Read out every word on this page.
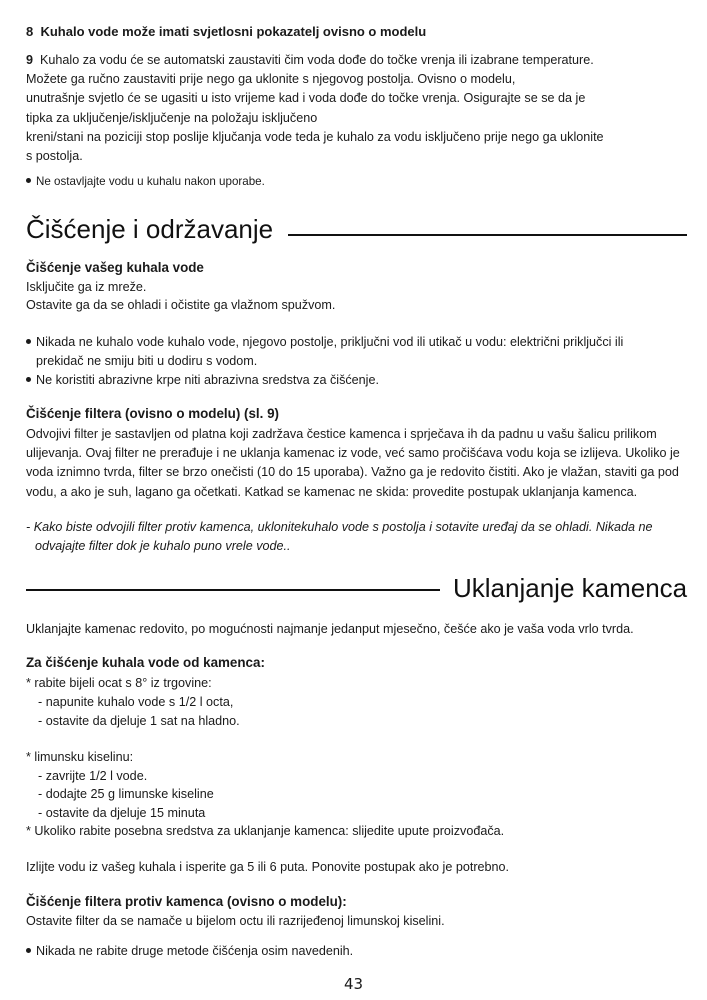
8 Kuhalo vode može imati svjetlosni pokazatelj ovisno o modelu
9 Kuhalo za vodu će se automatski zaustaviti čim voda dođe do točke vrenja ili izabrane temperature.
Možete ga ručno zaustaviti prije nego ga uklonite s njegovog postolja. Ovisno o modelu,
unutrašnje svjetlo će se ugasiti u isto vrijeme kad i voda dođe do točke vrenja. Osigurajte se se da je
tipka za uključenje/isključenje na položaju isključeno
kreni/stani na poziciji stop poslije ključanja vode teda je kuhalo za vodu isključeno prije nego ga uklonite
s postolja.
Ne ostavljajte vodu u kuhalu nakon uporabe.
Čišćenje i održavanje
Čišćenje vašeg kuhala vode
Isključite ga iz mreže.
Ostavite ga da se ohladi i očistite ga vlažnom spužvom.
Nikada ne kuhalo vode kuhalo vode, njegovo postolje, priključni vod ili utikač u vodu: električni priključci ili
prekidač ne smiju biti u dodiru s vodom.
Ne koristiti abrazivne krpe niti abrazivna sredstva za čišćenje.
Čišćenje filtera (ovisno o modelu) (sl. 9)
Odvojivi filter je sastavljen od platna koji zadržava čestice kamenca i sprječava ih da padnu u vašu šalicu prilikom
ulijevanja. Ovaj filter ne prerađuje i ne uklanja kamenac iz vode, već samo pročišćava vodu koja se izlijeva. Ukoliko je
voda iznimno tvrda, filter se brzo onečisti (10 do 15 uporaba). Važno ga je redovito čistiti. Ako je vlažan, staviti ga pod
vodu, a ako je suh, lagano ga očetkati. Katkad se kamenac ne skida: provedite postupak uklanjanja kamenca.
- Kako biste odvojili filter protiv kamenca, uklonitekuhalo vode s postolja i sotavite uređaj da se ohladi. Nikada ne
odvajajte filter dok je kuhalo puno vrele vode..
Uklanjanje kamenca
Uklanjajte kamenac redovito, po mogućnosti najmanje jedanput mjesečno, češće ako je vaša voda vrlo tvrda.
Za čišćenje kuhala vode od kamenca:
* rabite bijeli ocat s 8° iz trgovine:
- napunite kuhalo vode s 1/2 l octa,
- ostavite da djeluje 1 sat na hladno.
* limunsku kiselinu:
- zavrijte 1/2 l vode.
- dodajte 25 g limunske kiseline
- ostavite da djeluje 15 minuta
* Ukoliko rabite posebna sredstva za uklanjanje kamenca: slijedite upute proizvođača.
Izlijte vodu iz vašeg kuhala i isperite ga 5 ili 6 puta. Ponovite postupak ako je potrebno.
Čišćenje filtera protiv kamenca (ovisno o modelu):
Ostavite filter da se namače u bijelom octu ili razrijeđenoj limunskoj kiselini.
Nikada ne rabite druge metode čišćenja osim navedenih.
43
